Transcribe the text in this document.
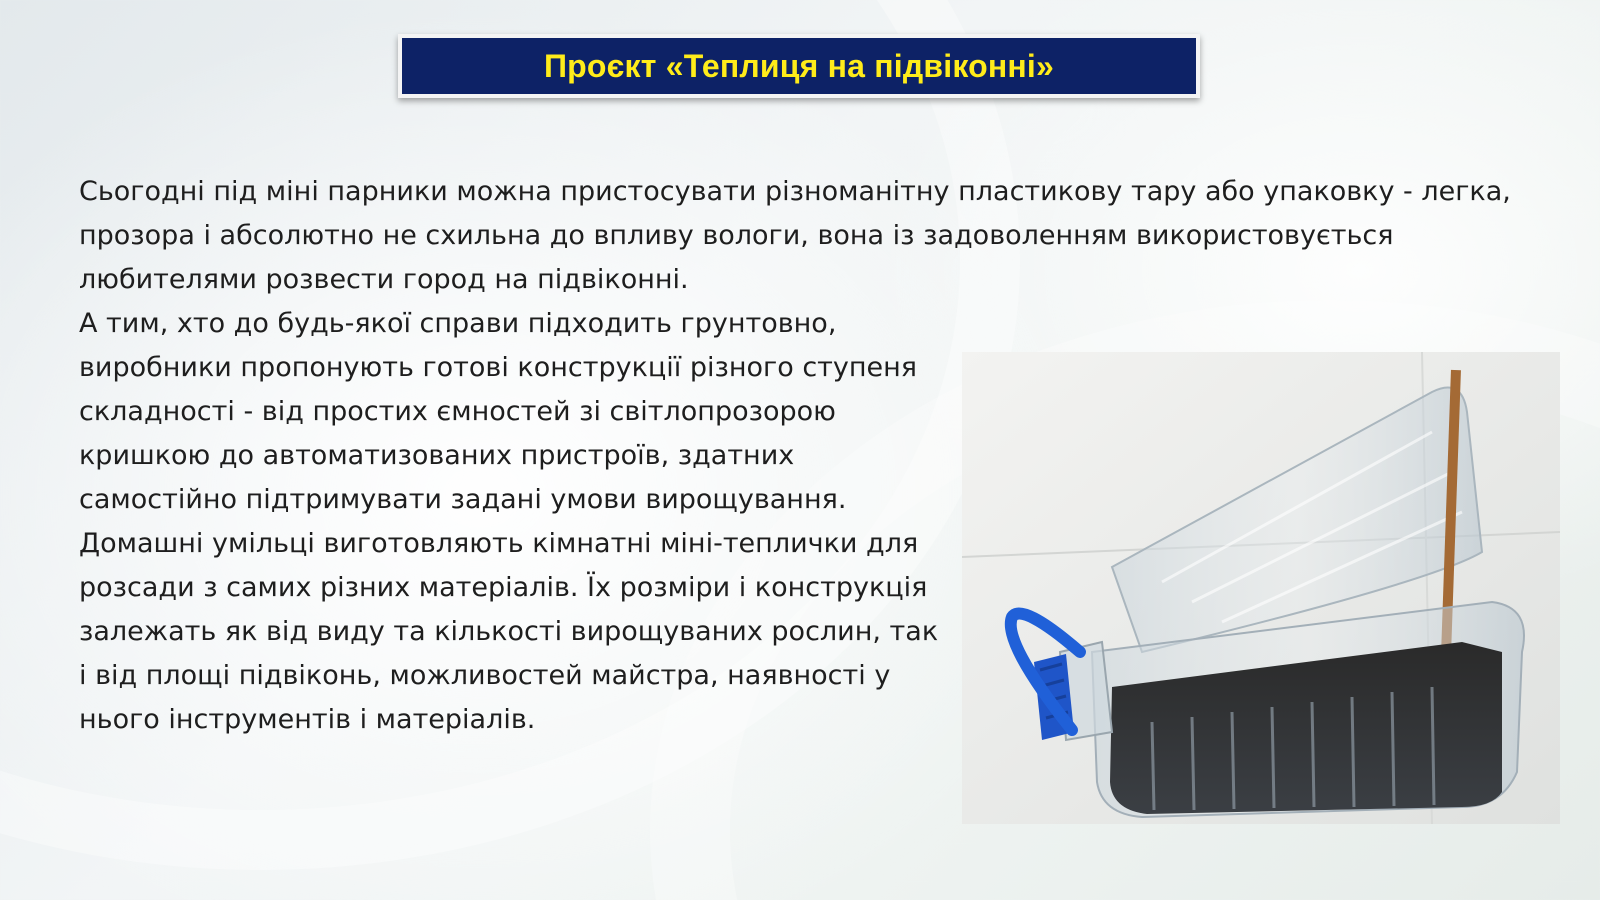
Проєкт «Теплиця на підвіконні»

Сьогодні під міні парники можна пристосувати різноманітну пластикову тару або упаковку - легка, прозора і абсолютно не схильна до впливу вологи, вона із задоволенням використовується любителями розвести город на підвіконні.

А тим, хто до будь-якої справи підходить грунтовно, виробники пропонують готові конструкції різного ступеня складності - від простих ємностей зі світлопрозорою кришкою до автоматизованих пристроїв, здатних самостійно підтримувати задані умови вирощування.

Домашні умільці виготовляють кімнатні міні-теплички для розсади з самих різних матеріалів. Їх розміри і конструкція залежать як від виду та кількості вирощуваних рослин, так і від площі підвіконь, можливостей майстра, наявності у нього інструментів і матеріалів.
